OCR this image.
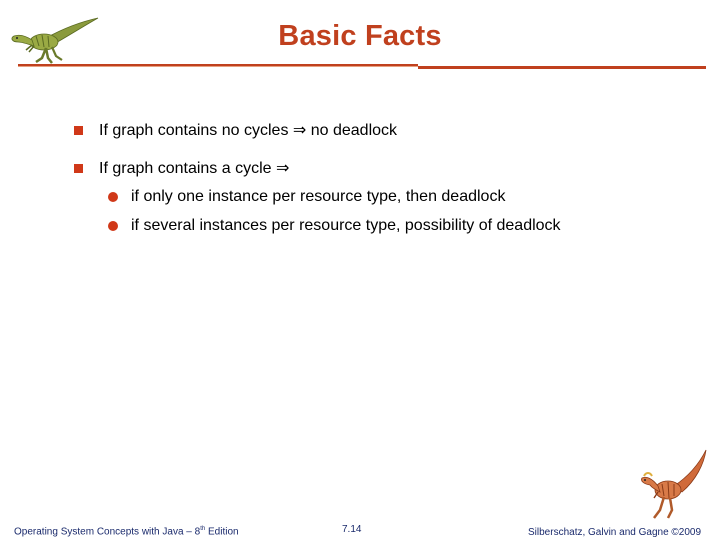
Basic Facts
If graph contains no cycles ⇒ no deadlock
If graph contains a cycle ⇒
if only one instance per resource type, then deadlock
if several instances per resource type, possibility of deadlock
Operating System Concepts with Java – 8th Edition	7.14	Silberschatz, Galvin and Gagne ©2009
